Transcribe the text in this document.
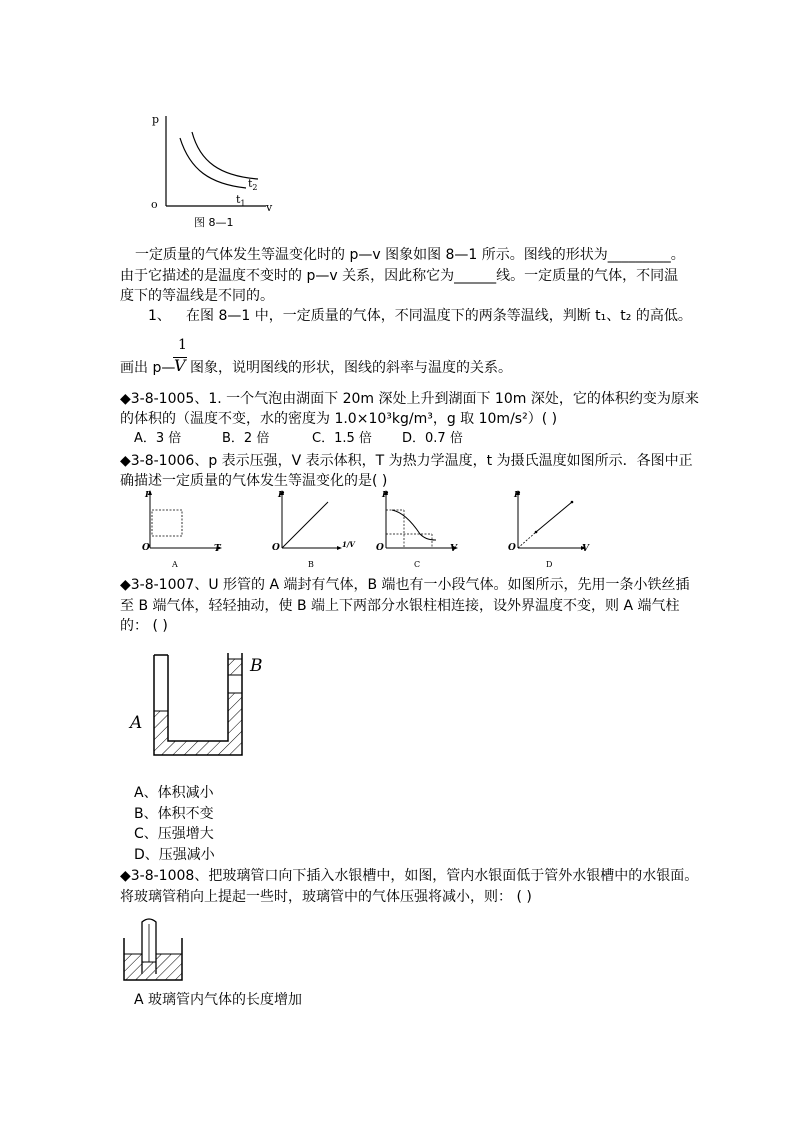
p
o	v
$t_2$
$t_1$
图 8—1
一定质量的气体发生等温变化时的 p—v 图象如图 8—1 所示。图线的形状为_________。
由于它描述的是温度不变时的 p—v 关系，因此称它为______线。一定质量的气体，不同温
度下的等温线是不同的。
1、 在图 8—1 中，一定质量的气体，不同温度下的两条等温线，判断 t₁、t₂ 的高低。
1
V
画出 p— 图象，说明图线的形状，图线的斜率与温度的关系。
◆3-8-1005、1. 一个气泡由湖面下 20m 深处上升到湖面下 10m 深处，它的体积约变为原来
的体积的（温度不变，水的密度为 1.0×10³kg/m³，g 取 10m/s²）( )
A．3 倍	B．2 倍	C．1.5 倍 D．0.7 倍
◆3-8-1006、p 表示压强，V 表示体积，T 为热力学温度，t 为摄氏温度如图所示．各图中正
确描述一定质量的气体发生等温变化的是( )
P
O	T
A
P
O	1/V
B
P
O	V
C
P
O	V
D
◆3-8-1007、U 形管的 A 端封有气体，B 端也有一小段气体。如图所示，先用一条小铁丝插
至 B 端气体，轻轻抽动，使 B 端上下两部分水银柱相连接，设外界温度不变，则 A 端气柱
的： ( )
A
B
A、体积减小
B、体积不变
C、压强增大
D、压强减小
◆3-8-1008、把玻璃管口向下插入水银槽中，如图，管内水银面低于管外水银槽中的水银面。
将玻璃管稍向上提起一些时，玻璃管中的气体压强将减小，则： ( )
A 玻璃管内气体的长度增加
